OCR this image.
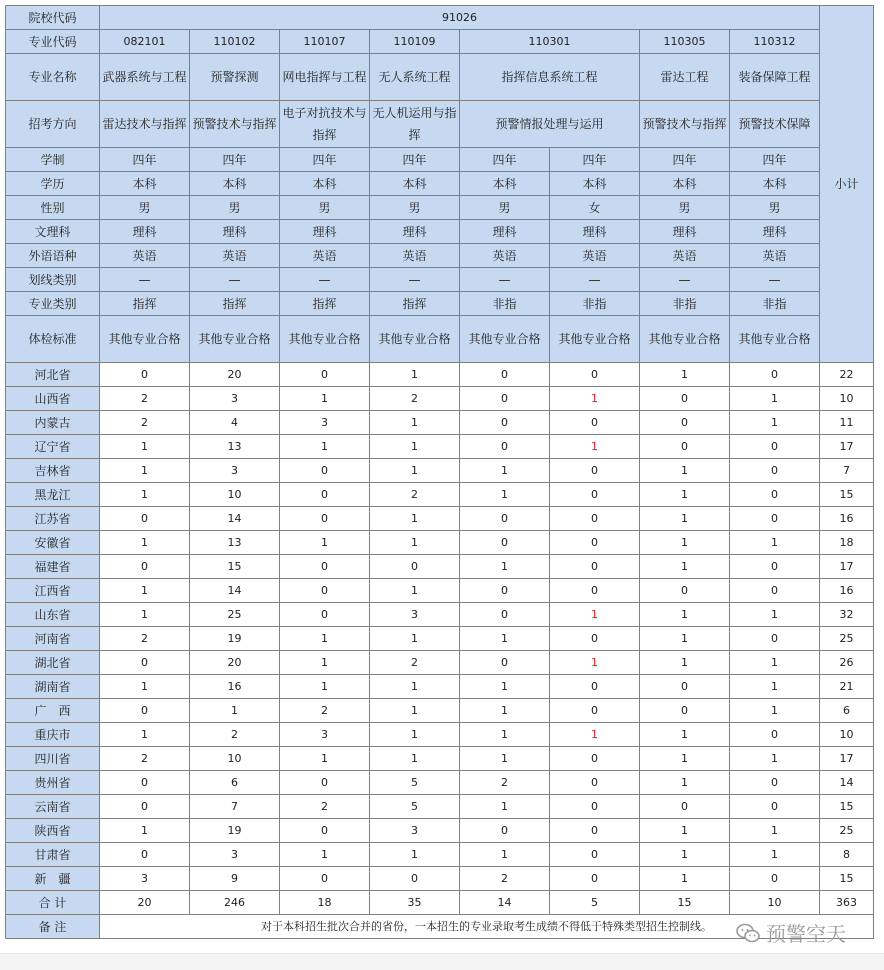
院校代码	91026								小计
专业代码	082101	110102	110107	110109	110301		110305	110312	
专业名称	武器系统与工程	预警探测	网电指挥与工程	无人系统工程	指挥信息系统工程		雷达工程	装备保障工程	
招考方向	雷达技术与指挥	预警技术与指挥	电子对抗技术与指挥	无人机运用与指挥	预警情报处理与运用		预警技术与指挥	预警技术保障	
学制	四年	四年	四年	四年	四年	四年	四年	四年	
学历	本科	本科	本科	本科	本科	本科	本科	本科	
性别	男	男	男	男	男	女	男	男	
文理科	理科	理科	理科	理科	理科	理科	理科	理科	
外语语种	英语	英语	英语	英语	英语	英语	英语	英语	
划线类别	—	—	—	—	—	—	—	—	
专业类别	指挥	指挥	指挥	指挥	非指	非指	非指	非指	
体检标准	其他专业合格	其他专业合格	其他专业合格	其他专业合格	其他专业合格	其他专业合格	其他专业合格	其他专业合格	
河北省	0	20	0	1	0	0	1	0	22
山西省	2	3	1	2	0	1	0	1	10
内蒙古	2	4	3	1	0	0	0	1	11
辽宁省	1	13	1	1	0	1	0	0	17
吉林省	1	3	0	1	1	0	1	0	7
黑龙江	1	10	0	2	1	0	1	0	15
江苏省	0	14	0	1	0	0	1	0	16
安徽省	1	13	1	1	0	0	1	1	18
福建省	0	15	0	0	1	0	1	0	17
江西省	1	14	0	1	0	0	0	0	16
山东省	1	25	0	3	0	1	1	1	32
河南省	2	19	1	1	1	0	1	0	25
湖北省	0	20	1	2	0	1	1	1	26
湖南省	1	16	1	1	1	0	0	1	21
广　西	0	1	2	1	1	0	0	1	6
重庆市	1	2	3	1	1	1	1	0	10
四川省	2	10	1	1	1	0	1	1	17
贵州省	0	6	0	5	2	0	1	0	14
云南省	0	7	2	5	1	0	0	0	15
陕西省	1	19	0	3	0	0	1	1	25
甘肃省	0	3	1	1	1	0	1	1	8
新　疆	3	9	0	0	2	0	1	0	15
合 计	20	246	18	35	14	5	15	10	363
备 注	对于本科招生批次合并的省份，一本招生的专业录取考生成绩不得低于特殊类型招生控制线。									预警空天
